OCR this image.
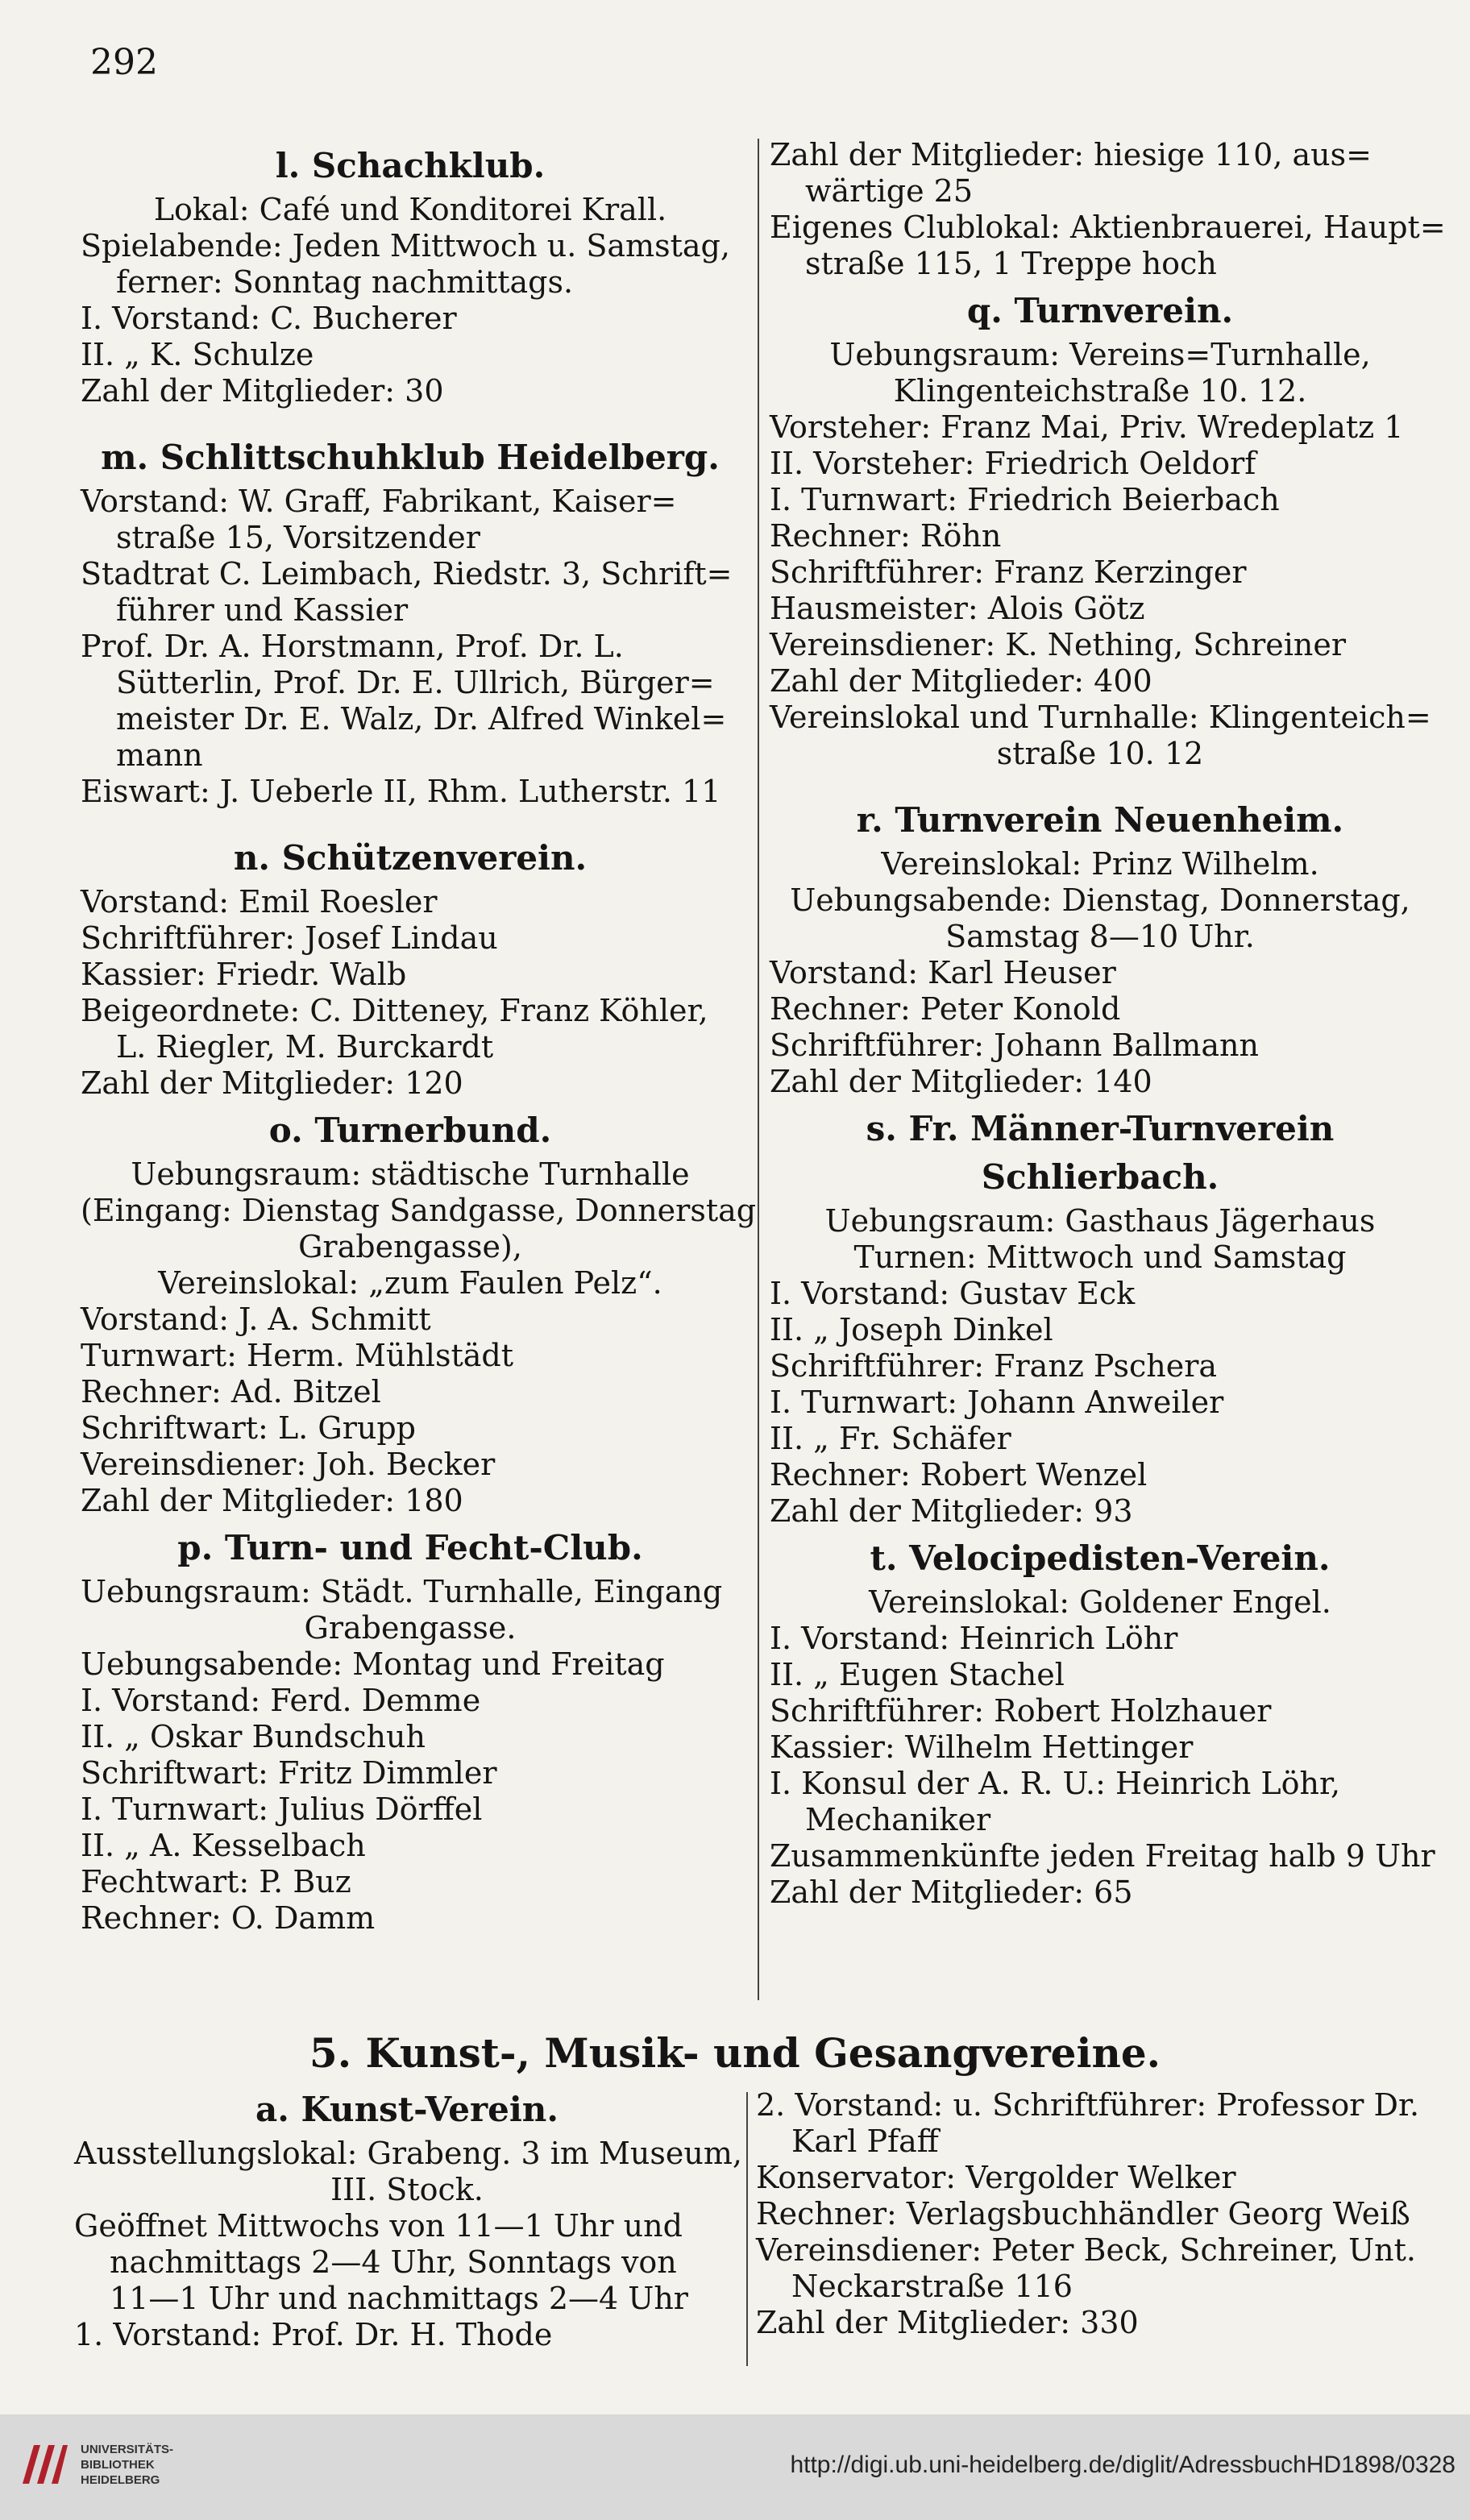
292
l. Schachklub.
Lokal: Café und Konditorei Krall.
Spielabende: Jeden Mittwoch u. Samstag,
ferner: Sonntag nachmittags.
I. Vorstand: C. Bucherer
II. „ K. Schulze
Zahl der Mitglieder: 30
m. Schlittschuhklub Heidelberg.
Vorstand: W. Graff, Fabrikant, Kaiser=
straße 15, Vorsitzender
Stadtrat C. Leimbach, Riedstr. 3, Schrift=
führer und Kassier
Prof. Dr. A. Horstmann, Prof. Dr. L.
Sütterlin, Prof. Dr. E. Ullrich, Bürger=
meister Dr. E. Walz, Dr. Alfred Winkel=
mann
Eiswart: J. Ueberle II, Rhm. Lutherstr. 11
n. Schützenverein.
Vorstand: Emil Roesler
Schriftführer: Josef Lindau
Kassier: Friedr. Walb
Beigeordnete: C. Ditteney, Franz Köhler,
L. Riegler, M. Burckardt
Zahl der Mitglieder: 120
o. Turnerbund.
Uebungsraum: städtische Turnhalle
(Eingang: Dienstag Sandgasse, Donnerstag
Grabengasse),
Vereinslokal: „zum Faulen Pelz“.
Vorstand: J. A. Schmitt
Turnwart: Herm. Mühlstädt
Rechner: Ad. Bitzel
Schriftwart: L. Grupp
Vereinsdiener: Joh. Becker
Zahl der Mitglieder: 180
p. Turn- und Fecht-Club.
Uebungsraum: Städt. Turnhalle, Eingang
Grabengasse.
Uebungsabende: Montag und Freitag
I. Vorstand: Ferd. Demme
II. „ Oskar Bundschuh
Schriftwart: Fritz Dimmler
I. Turnwart: Julius Dörffel
II. „ A. Kesselbach
Fechtwart: P. Buz
Rechner: O. Damm
Zahl der Mitglieder: hiesige 110, aus=
wärtige 25
Eigenes Clublokal: Aktienbrauerei, Haupt=
straße 115, 1 Treppe hoch
q. Turnverein.
Uebungsraum: Vereins=Turnhalle,
Klingenteichstraße 10. 12.
Vorsteher: Franz Mai, Priv. Wredeplatz 1
II. Vorsteher: Friedrich Oeldorf
I. Turnwart: Friedrich Beierbach
Rechner: Röhn
Schriftführer: Franz Kerzinger
Hausmeister: Alois Götz
Vereinsdiener: K. Nething, Schreiner
Zahl der Mitglieder: 400
Vereinslokal und Turnhalle: Klingenteich=
straße 10. 12
r. Turnverein Neuenheim.
Vereinslokal: Prinz Wilhelm.
Uebungsabende: Dienstag, Donnerstag,
Samstag 8—10 Uhr.
Vorstand: Karl Heuser
Rechner: Peter Konold
Schriftführer: Johann Ballmann
Zahl der Mitglieder: 140
s. Fr. Männer-Turnverein
Schlierbach.
Uebungsraum: Gasthaus Jägerhaus
Turnen: Mittwoch und Samstag
I. Vorstand: Gustav Eck
II. „ Joseph Dinkel
Schriftführer: Franz Pschera
I. Turnwart: Johann Anweiler
II. „ Fr. Schäfer
Rechner: Robert Wenzel
Zahl der Mitglieder: 93
t. Velocipedisten-Verein.
Vereinslokal: Goldener Engel.
I. Vorstand: Heinrich Löhr
II. „ Eugen Stachel
Schriftführer: Robert Holzhauer
Kassier: Wilhelm Hettinger
I. Konsul der A. R. U.: Heinrich Löhr,
Mechaniker
Zusammenkünfte jeden Freitag halb 9 Uhr
Zahl der Mitglieder: 65
5. Kunst-, Musik- und Gesangvereine.
a. Kunst-Verein.
Ausstellungslokal: Grabeng. 3 im Museum,
III. Stock.
Geöffnet Mittwochs von 11—1 Uhr und
nachmittags 2—4 Uhr, Sonntags von
11—1 Uhr und nachmittags 2—4 Uhr
1. Vorstand: Prof. Dr. H. Thode
2. Vorstand: u. Schriftführer: Professor Dr.
Karl Pfaff
Konservator: Vergolder Welker
Rechner: Verlagsbuchhändler Georg Weiß
Vereinsdiener: Peter Beck, Schreiner, Unt.
Neckarstraße 116
Zahl der Mitglieder: 330
UNIVERSITÄTS-
BIBLIOTHEK
HEIDELBERG
http://digi.ub.uni-heidelberg.de/diglit/AdressbuchHD1898/0328
